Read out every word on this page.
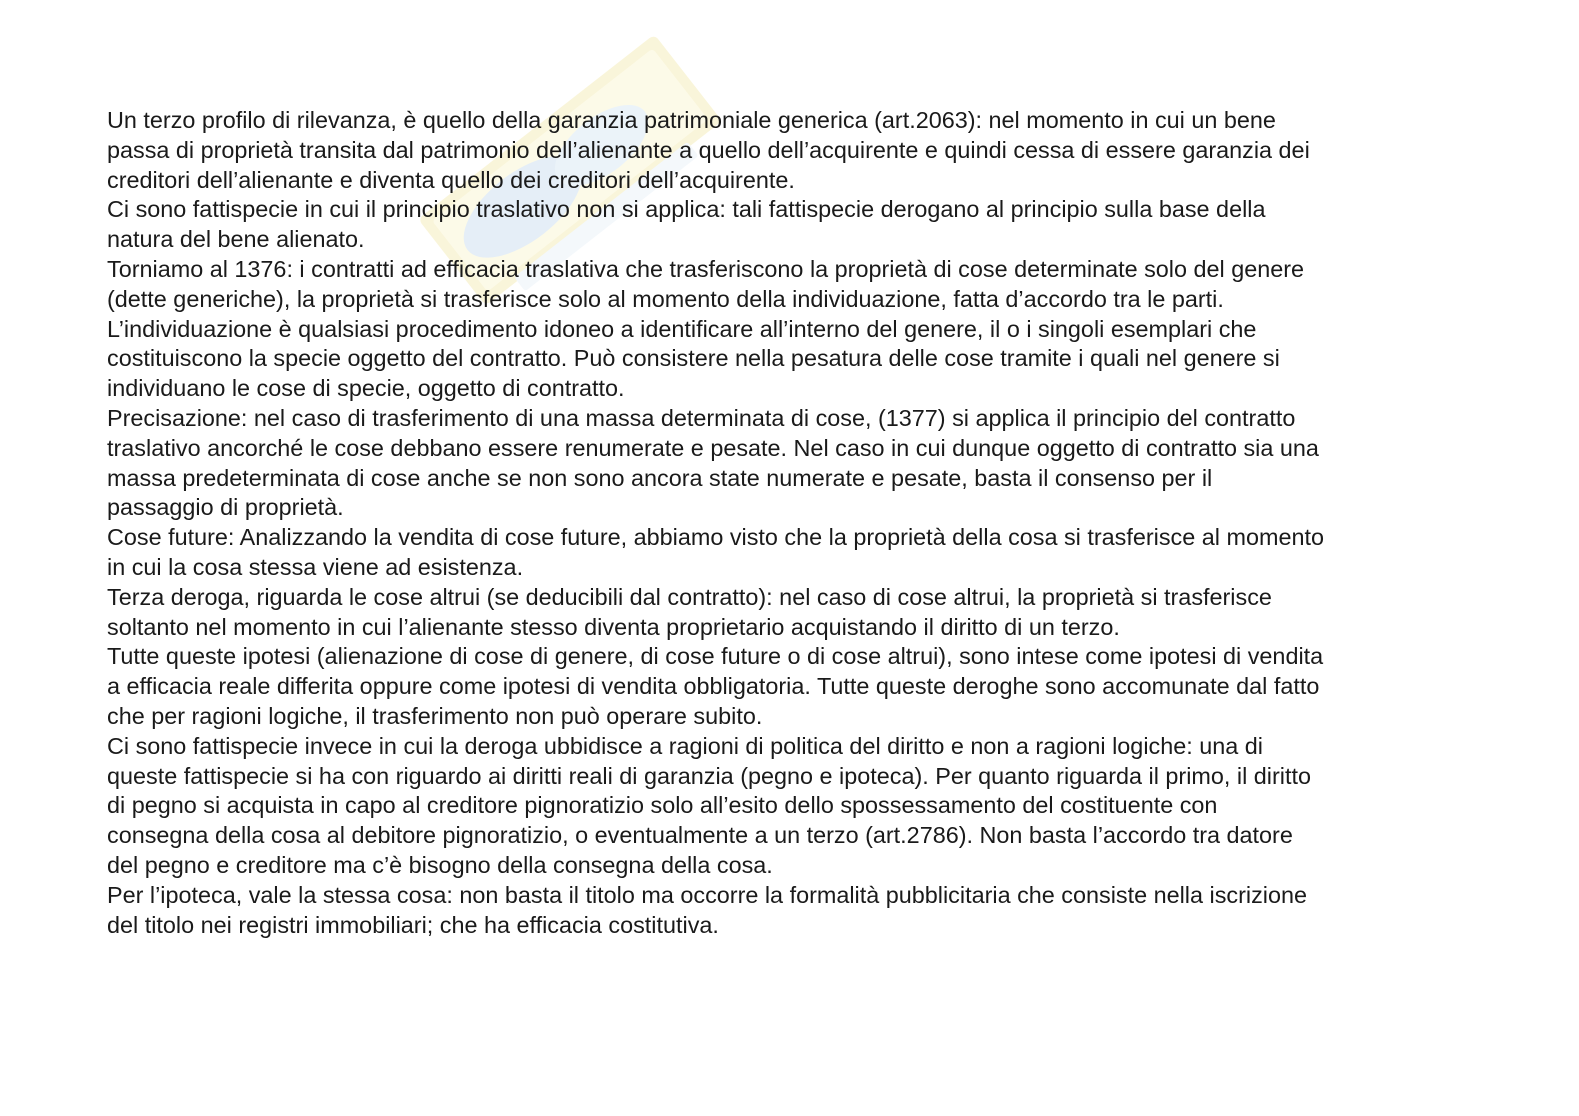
Un terzo profilo di rilevanza, è quello della garanzia patrimoniale generica (art.2063): nel momento in cui un bene

passa di proprietà transita dal patrimonio dell’alienante a quello dell’acquirente e quindi cessa di essere garanzia dei

creditori dell’alienante e diventa quello dei creditori dell’acquirente.

Ci sono fattispecie in cui il principio traslativo non si applica: tali fattispecie derogano al principio sulla base della

natura del bene alienato.

Torniamo al 1376: i contratti ad efficacia traslativa che trasferiscono la proprietà di cose determinate solo del genere

(dette generiche), la proprietà si trasferisce solo al momento della individuazione, fatta d’accordo tra le parti.

L’individuazione è qualsiasi procedimento idoneo a identificare all’interno del genere, il o i singoli esemplari che

costituiscono la specie oggetto del contratto. Può consistere nella pesatura delle cose tramite i quali nel genere si

individuano le cose di specie, oggetto di contratto.

Precisazione: nel caso di trasferimento di una massa determinata di cose, (1377) si applica il principio del contratto

traslativo ancorché le cose debbano essere renumerate e pesate. Nel caso in cui dunque oggetto di contratto sia una

massa predeterminata di cose anche se non sono ancora state numerate e pesate, basta il consenso per il

passaggio di proprietà.

Cose future: Analizzando la vendita di cose future, abbiamo visto che la proprietà della cosa si trasferisce al momento

in cui la cosa stessa viene ad esistenza.

Terza deroga, riguarda le cose altrui (se deducibili dal contratto): nel caso di cose altrui, la proprietà si trasferisce

soltanto nel momento in cui l’alienante stesso diventa proprietario acquistando il diritto di un terzo.

Tutte queste ipotesi (alienazione di cose di genere, di cose future o di cose altrui), sono intese come ipotesi di vendita

a efficacia reale differita oppure come ipotesi di vendita obbligatoria. Tutte queste deroghe sono accomunate dal fatto

che per ragioni logiche, il trasferimento non può operare subito.

Ci sono fattispecie invece in cui la deroga ubbidisce a ragioni di politica del diritto e non a ragioni logiche: una di

queste fattispecie si ha con riguardo ai diritti reali di garanzia (pegno e ipoteca). Per quanto riguarda il primo, il diritto

di pegno si acquista in capo al creditore pignoratizio solo all’esito dello spossessamento del costituente con

consegna della cosa al debitore pignoratizio, o eventualmente a un terzo (art.2786). Non basta l’accordo tra datore

del pegno e creditore ma c’è bisogno della consegna della cosa.

Per l’ipoteca, vale la stessa cosa: non basta il titolo ma occorre la formalità pubblicitaria che consiste nella iscrizione

del titolo nei registri immobiliari; che ha efficacia costitutiva.
